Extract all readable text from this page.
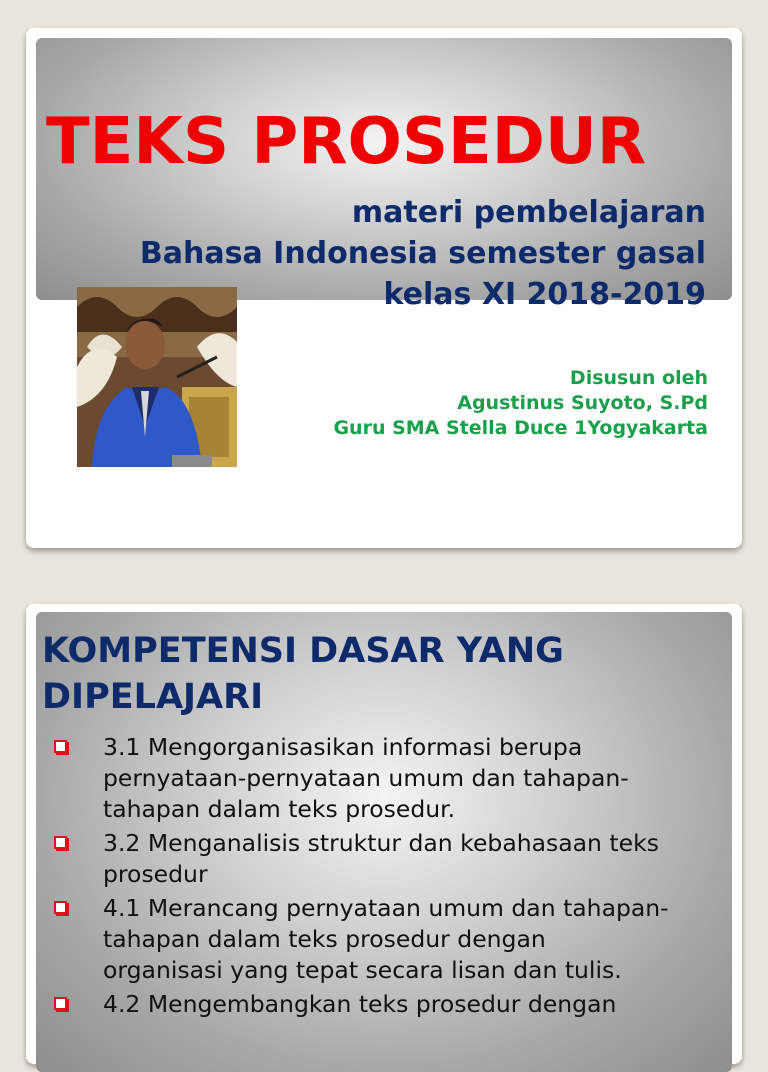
TEKS PROSEDUR
materi pembelajaran
Bahasa Indonesia semester gasal
kelas XI 2018-2019
Disusun oleh
Agustinus Suyoto, S.Pd
Guru SMA Stella Duce 1Yogyakarta
KOMPETENSI DASAR YANG
DIPELAJARI
3.1 Mengorganisasikan informasi berupa
pernyataan-pernyataan umum dan tahapan-
tahapan dalam teks prosedur.
3.2 Menganalisis struktur dan kebahasaan teks
prosedur
4.1 Merancang pernyataan umum dan tahapan-
tahapan dalam teks prosedur dengan
organisasi yang tepat secara lisan dan tulis.
4.2 Mengembangkan teks prosedur dengan
